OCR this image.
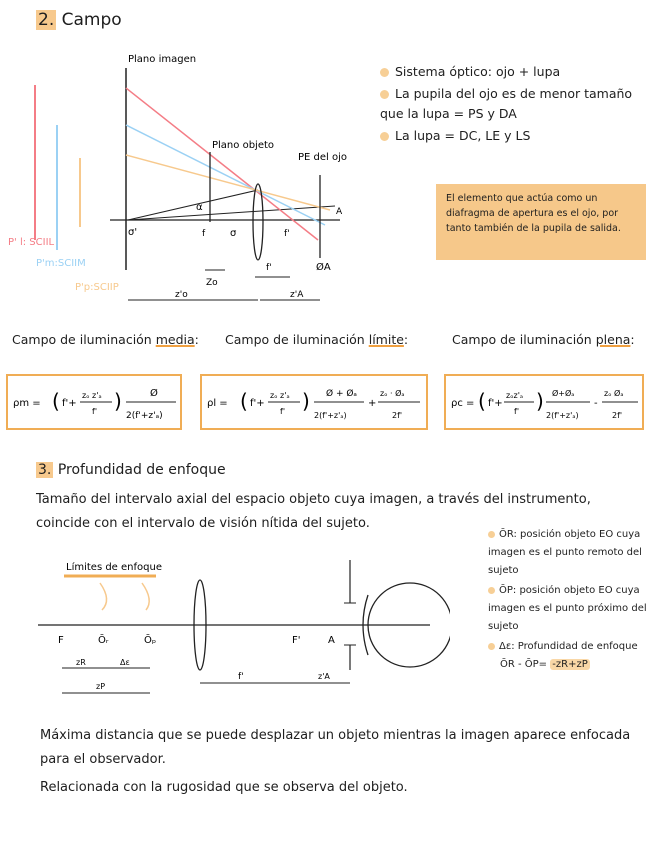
2. Campo
P' l: SCIIL
P'm:SCIIM
P'p:SCIIP
Plano imagen
Plano objeto
PE del ojo
σ'	f σ	f'
A
α
ØA
Zo
f'
z'o	z'A
Sistema óptico: ojo + lupa
La pupila del ojo es de menor tamaño que la lupa = PS y DA
La lupa = DC, LE y LS
El elemento que actúa como un diafragma de apertura es el ojo, por tanto también de la pupila de salida.
Campo de iluminación media: Campo de iluminación límite:	Campo de iluminación plena:
ρm = ( f'+
zₒ z'ₐ
f' )	Ø
2(f'+z'ₐ)
ρl = ( f'+
zₒ z'ₐ
f' ) Ø + Øₐ
2(f'+z'ₐ)
+
zₒ · Øₐ
2f'
ρc = ( f'+
zₒz'ₐ
f' ) Ø+Øₐ
2(f'+z'ₐ)
-
zₒ Øₐ
2f'
3. Profundidad de enfoque
Tamaño del intervalo axial del espacio objeto cuya imagen, a través del instrumento, coincide con el intervalo de visión nítida del sujeto.
Límites de enfoque
F	Ōᵣ	Ōₚ	F'	A
zR	Δε
zP
f'	z'A
ŌR: posición objeto EO cuya imagen es el punto remoto del sujeto
ŌP: posición objeto EO cuya imagen es el punto próximo del sujeto
Δε: Profundidad de enfoque
ŌR - ŌP= -zR+zP
Máxima distancia que se puede desplazar un objeto mientras la imagen aparece enfocada para el observador.
Relacionada con la rugosidad que se observa del objeto.
